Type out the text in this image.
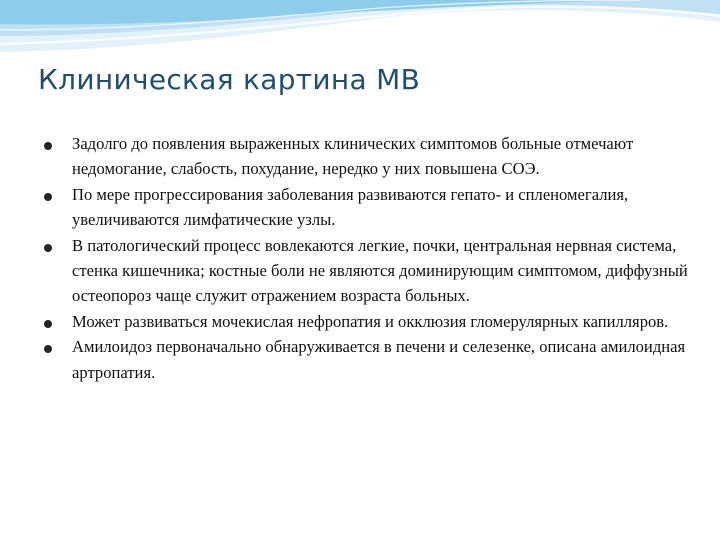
Клиническая картина МВ
Задолго до появления выраженных клинических симптомов больные отмечают недомогание, слабость, похудание, нередко у них повышена СОЭ.
По мере прогрессирования заболевания развиваются гепато- и спленомегалия, увеличиваются лимфатические узлы.
В патологический процесс вовлекаются легкие, почки, центральная нервная система, стенка кишечника; костные боли не являются доминирующим симптомом, диффузный остеопороз чаще служит отражением возраста больных.
Может развиваться мочекислая нефропатия и окклюзия гломерулярных капилляров.
Амилоидоз первоначально обнаруживается в печени и селезенке, описана амилоидная артропатия.
